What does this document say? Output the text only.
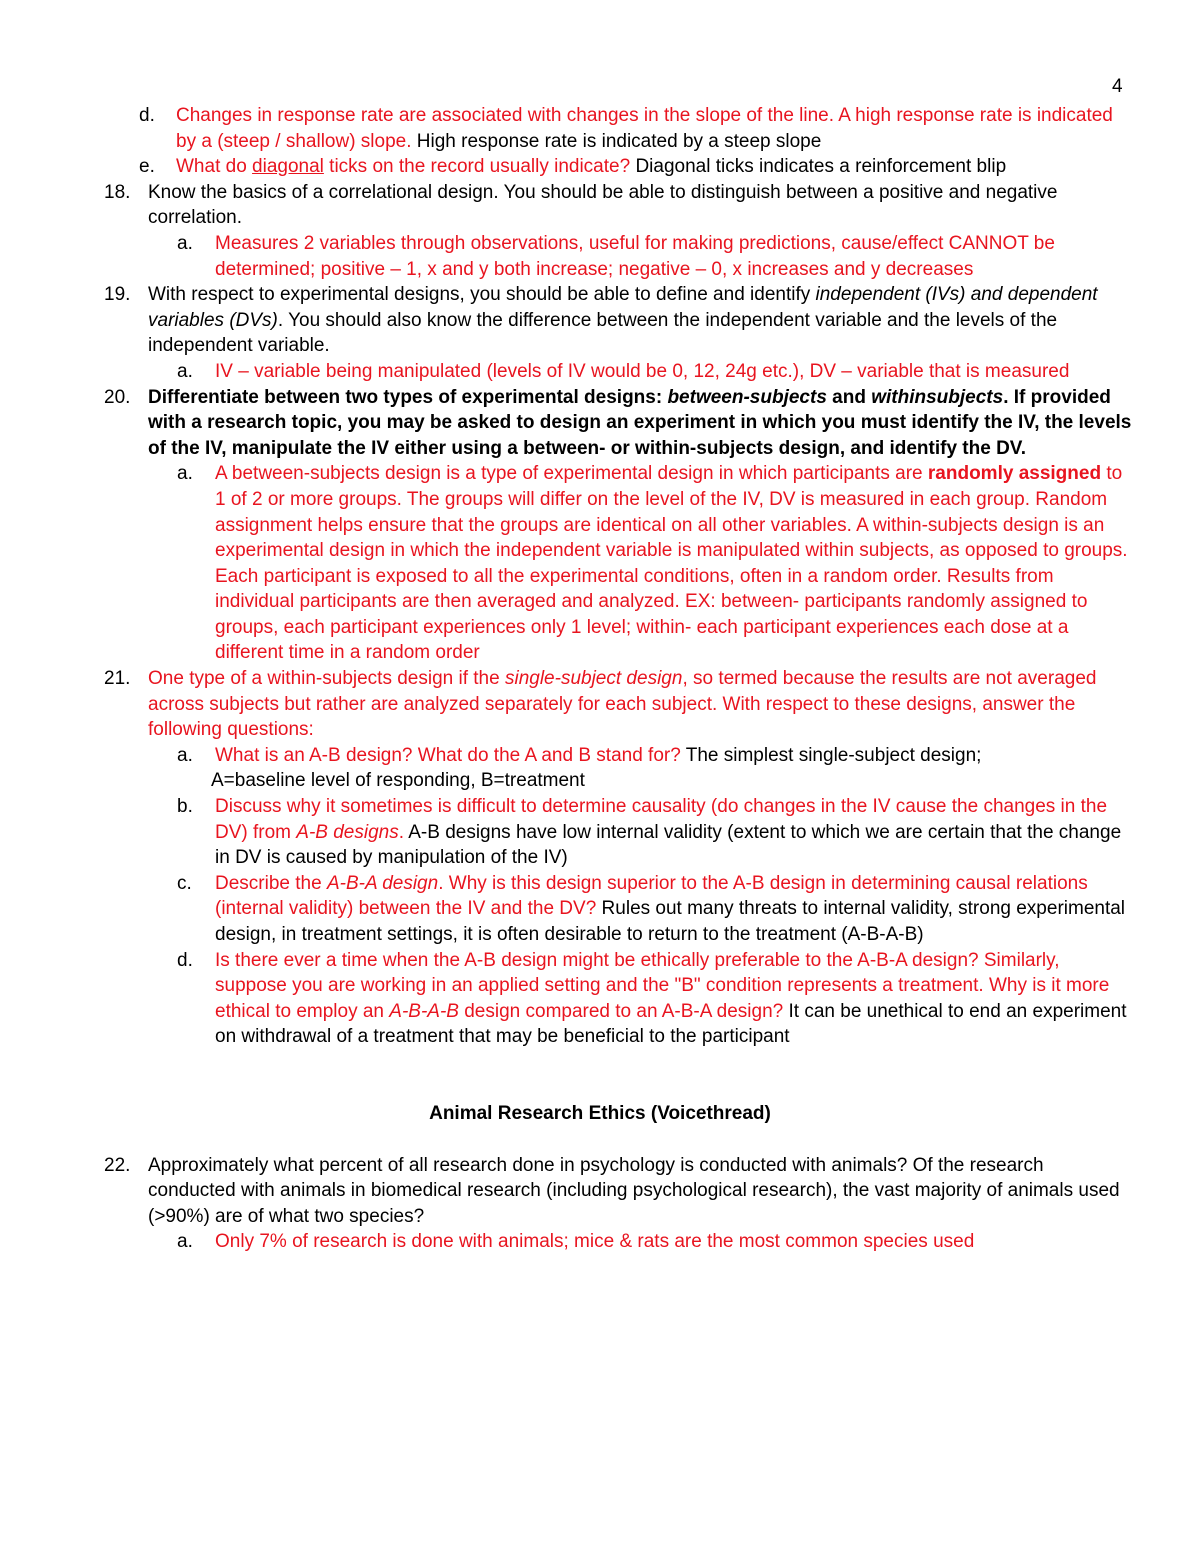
4
d. Changes in response rate are associated with changes in the slope of the line. A high response rate is indicated by a (steep / shallow) slope. High response rate is indicated by a steep slope
e. What do diagonal ticks on the record usually indicate? Diagonal ticks indicates a reinforcement blip
18. Know the basics of a correlational design. You should be able to distinguish between a positive and negative correlation.
a. Measures 2 variables through observations, useful for making predictions, cause/effect CANNOT be determined; positive – 1, x and y both increase; negative – 0, x increases and y decreases
19. With respect to experimental designs, you should be able to define and identify independent (IVs) and dependent variables (DVs). You should also know the difference between the independent variable and the levels of the independent variable.
a. IV – variable being manipulated (levels of IV would be 0, 12, 24g etc.), DV – variable that is measured
20. Differentiate between two types of experimental designs: between-subjects and withinsubjects. If provided with a research topic, you may be asked to design an experiment in which you must identify the IV, the levels of the IV, manipulate the IV either using a between- or within-subjects design, and identify the DV.
a. A between-subjects design is a type of experimental design in which participants are randomly assigned to 1 of 2 or more groups. The groups will differ on the level of the IV, DV is measured in each group. Random assignment helps ensure that the groups are identical on all other variables. A within-subjects design is an experimental design in which the independent variable is manipulated within subjects, as opposed to groups. Each participant is exposed to all the experimental conditions, often in a random order. Results from individual participants are then averaged and analyzed. EX: between- participants randomly assigned to groups, each participant experiences only 1 level; within- each participant experiences each dose at a different time in a random order
21. One type of a within-subjects design if the single-subject design, so termed because the results are not averaged across subjects but rather are analyzed separately for each subject. With respect to these designs, answer the following questions:
a. What is an A-B design? What do the A and B stand for? The simplest single-subject design;
A=baseline level of responding, B=treatment
b. Discuss why it sometimes is difficult to determine causality (do changes in the IV cause the changes in the DV) from A-B designs. A-B designs have low internal validity (extent to which we are certain that the change in DV is caused by manipulation of the IV)
c. Describe the A-B-A design. Why is this design superior to the A-B design in determining causal relations (internal validity) between the IV and the DV? Rules out many threats to internal validity, strong experimental design, in treatment settings, it is often desirable to return to the treatment (A-B-A-B)
d. Is there ever a time when the A-B design might be ethically preferable to the A-B-A design? Similarly, suppose you are working in an applied setting and the "B" condition represents a treatment. Why is it more ethical to employ an A-B-A-B design compared to an A-B-A design? It can be unethical to end an experiment on withdrawal of a treatment that may be beneficial to the participant
Animal Research Ethics (Voicethread)
22. Approximately what percent of all research done in psychology is conducted with animals? Of the research conducted with animals in biomedical research (including psychological research), the vast majority of animals used (>90%) are of what two species?
a. Only 7% of research is done with animals; mice & rats are the most common species used
